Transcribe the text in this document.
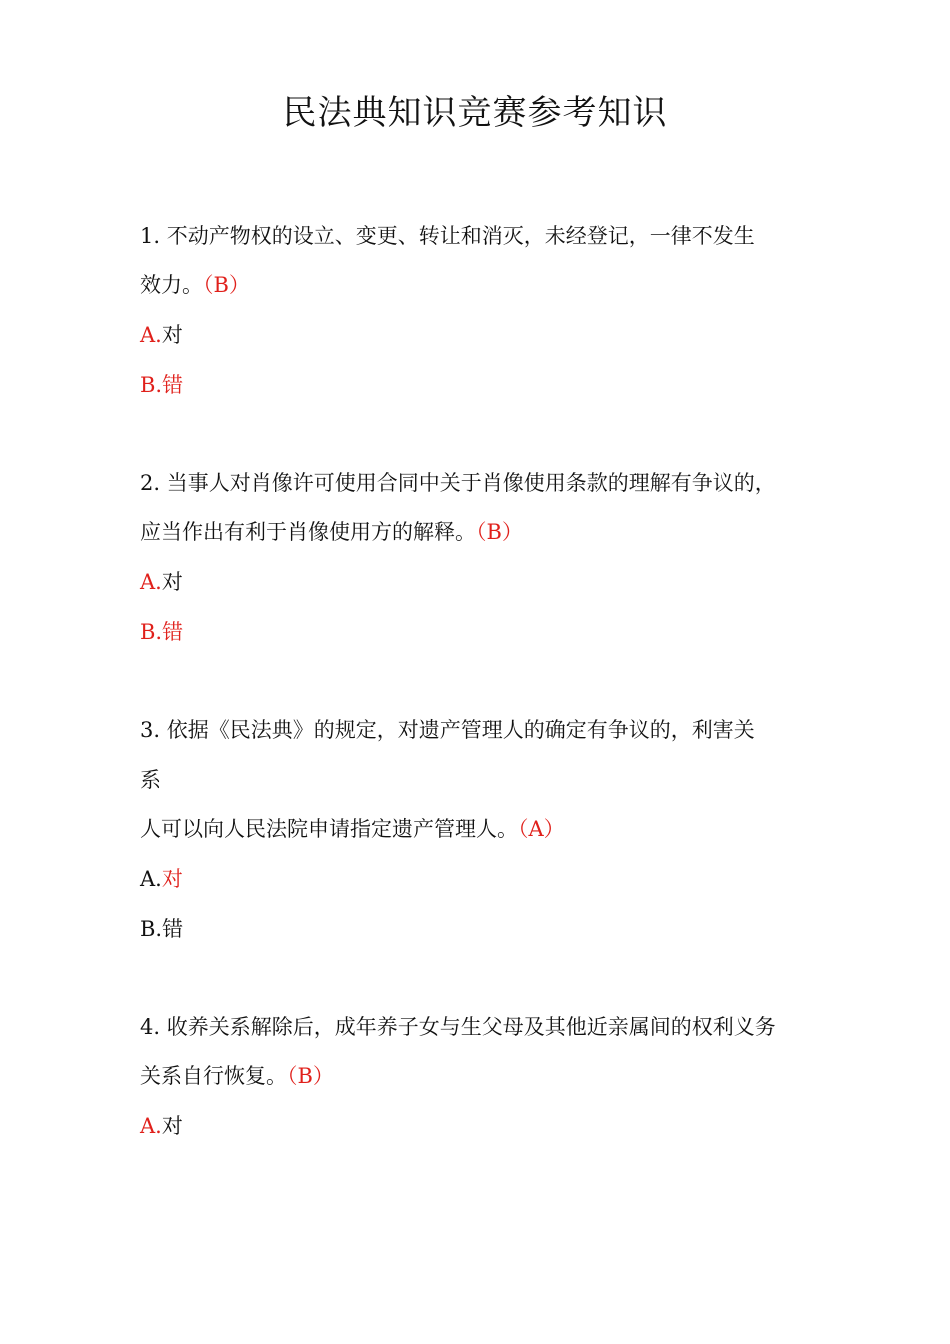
民法典知识竞赛参考知识
1. 不动产物权的设立、变更、转让和消灭，未经登记，一律不发生
效力。（B）
A.对
B.错
2. 当事人对肖像许可使用合同中关于肖像使用条款的理解有争议的，
应当作出有利于肖像使用方的解释。（B）
A.对
B.错
3. 依据《民法典》的规定，对遗产管理人的确定有争议的，利害关
系
人可以向人民法院申请指定遗产管理人。（A）
A.对
B.错
4. 收养关系解除后，成年养子女与生父母及其他近亲属间的权利义务
关系自行恢复。（B）
A.对
